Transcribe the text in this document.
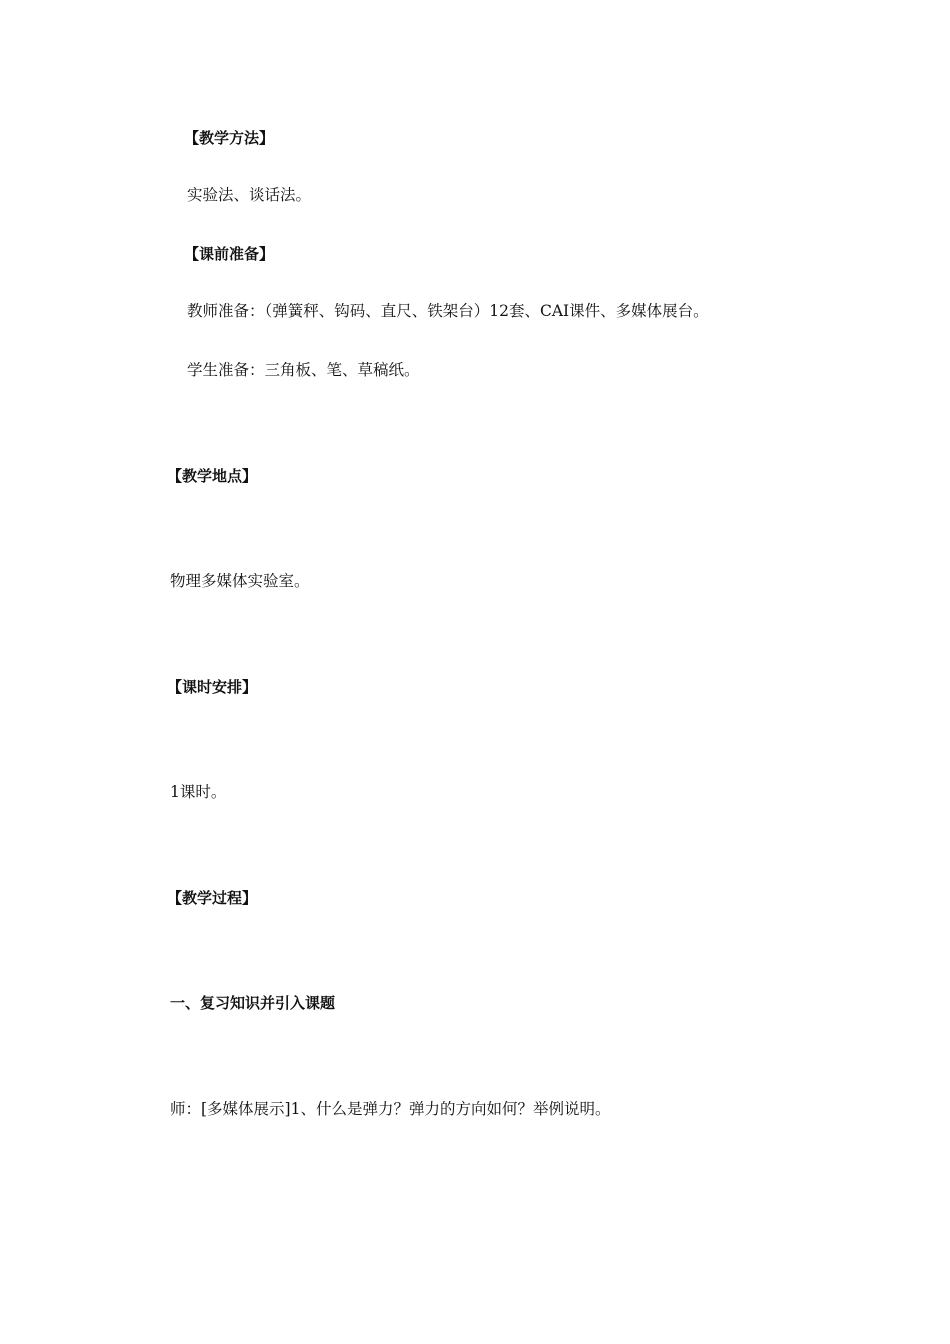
【教学方法】
实验法、谈话法。
【课前准备】
教师准备：（弹簧秤、钩码、直尺、铁架台）12套、CAI课件、多媒体展台。
学生准备：三角板、笔、草稿纸。
【教学地点】
物理多媒体实验室。
【课时安排】
1课时。
【教学过程】
一、复习知识并引入课题
师：[多媒体展示]1、什么是弹力？弹力的方向如何？举例说明。
